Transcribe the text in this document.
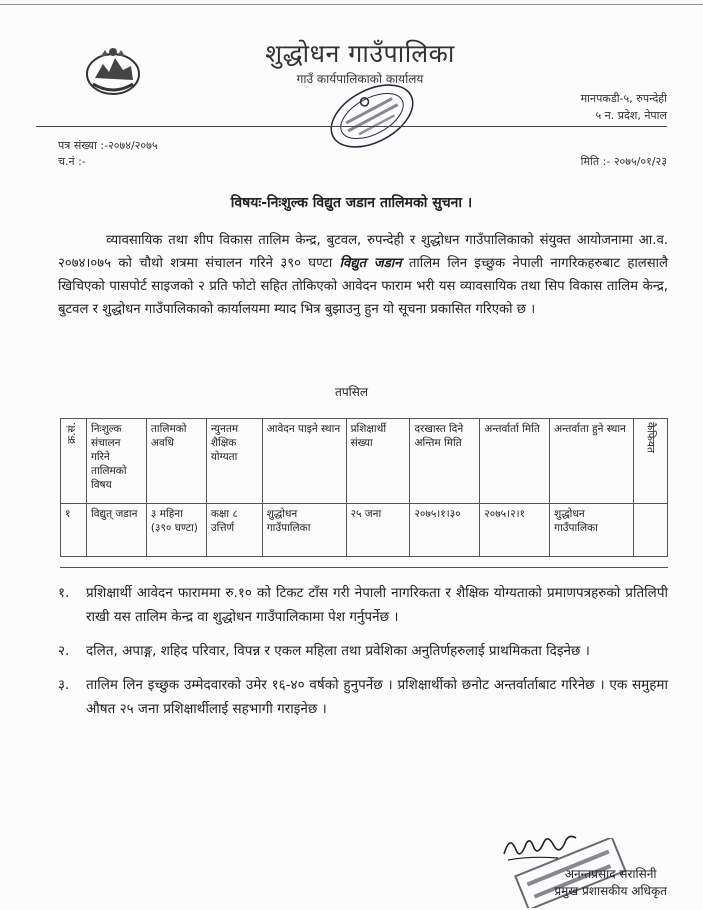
शुद्धोधन गाउँपालिका
गाउँ कार्यपालिकाको कार्यालय
मानपकडी-५, रुपन्देही
५ न. प्रदेश, नेपाल
पत्र संख्या :-२०७४/२०७५
च.नं :-	मिति :- २०७५/०१/२३
विषयः-निःशुल्क विद्युत जडान तालिमको सुचना ।
व्यावसायिक तथा शीप विकास तालिम केन्द्र, बुटवल, रुपन्देही र शुद्धोधन गाउँपालिकाको संयुक्त आयोजनामा आ.व. २०७४।०७५ को चौथो शत्रमा संचालन गरिने ३९० घण्टा विद्युत जडान तालिम लिन इच्छुक नेपाली नागरिकहरुबाट हालसालै खिचिएको पासपोर्ट साइजको २ प्रति फोटो सहित तोकिएको आवेदन फाराम भरी यस व्यावसायिक तथा सिप विकास तालिम केन्द्र, बुटवल र शुद्धोधन गाउँपालिकाको कार्यालयमा म्याद भित्र बुझाउनु हुन यो सूचना प्रकासित गरिएको छ ।
तपसिल
क्र.सं.	निःशुल्क संचालन गरिने तालिमको विषय	तालिमको अवधि	न्युनतम शैक्षिक योग्यता	आवेदन पाइने स्थान	प्रशिक्षार्थी संख्या	दरखास्त दिने अन्तिम मिति	अन्तर्वार्ता मिति	अन्तर्वाता हुने स्थान	कैफियत
१	विद्युत् जडान	३ महिना (३९० घण्टा)	कक्षा ८ उत्तिर्ण	शुद्धोधन गाउँपालिका	२५ जना	२०७५।१।३०	२०७५।२।१	शुद्धोधन गाउँपालिका	
१.	प्रशिक्षार्थी आवेदन फाराममा रु.१० को टिकट टाँस गरी नेपाली नागरिकता र शैक्षिक योग्यताको प्रमाणपत्रहरुको प्रतिलिपी राखी यस तालिम केन्द्र वा शुद्धोधन गाउँपालिकामा पेश गर्नुपर्नेछ ।
२.	दलित, अपाङ्ग, शहिद परिवार, विपन्न र एकल महिला तथा प्रवेशिका अनुतिर्णहरुलाई प्राथमिकता दिइनेछ ।
३.	तालिम लिन इच्छुक उम्मेदवारको उमेर १६-४० वर्षको हुनुपर्नेछ । प्रशिक्षार्थीको छनोट अन्तर्वार्ताबाट गरिनेछ । एक समुहमा औषत २५ जना प्रशिक्षार्थीलाई सहभागी गराइनेछ ।
अनन्तप्रसाद सरासिनी
प्रमुख प्रशासकीय अधिकृत
